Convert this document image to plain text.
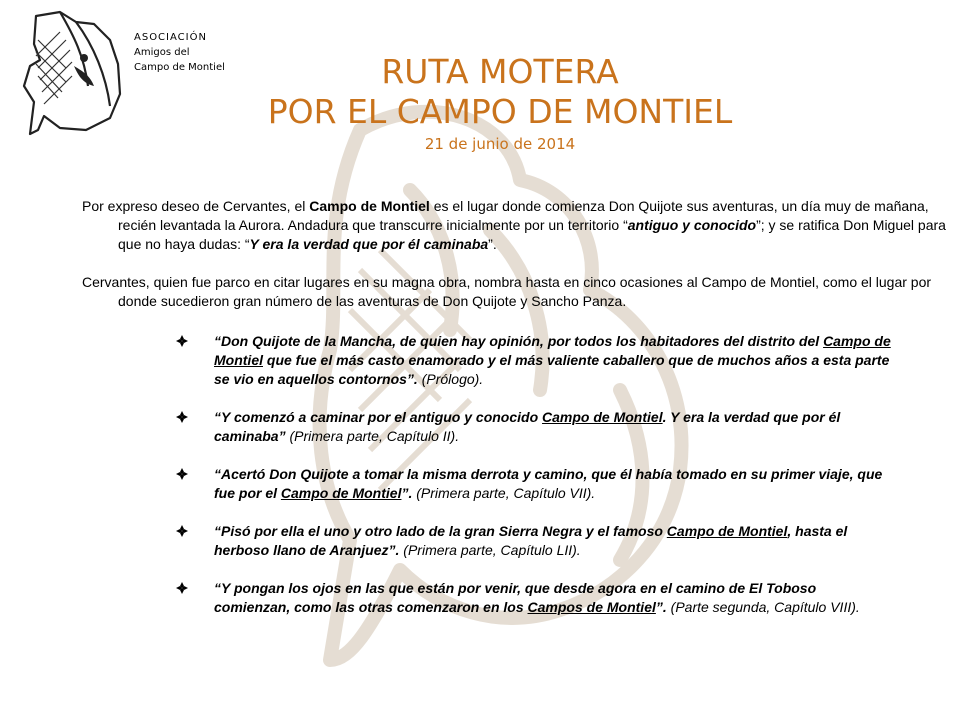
ASOCIACIÓN
Amigos del
Campo de Montiel	RUTA MOTERA
POR EL CAMPO DE MONTIEL
21 de junio de 2014
Por expreso deseo de Cervantes, el Campo de Montiel es el lugar donde comienza Don Quijote sus aventuras, un día muy de mañana, recién levantada la Aurora. Andadura que transcurre inicialmente por un territorio “antiguo y conocido”; y se ratifica Don Miguel para que no haya dudas: “Y era la verdad que por él caminaba”.
Cervantes, quien fue parco en citar lugares en su magna obra, nombra hasta en cinco ocasiones al Campo de Montiel, como el lugar por donde sucedieron gran número de las aventuras de Don Quijote y Sancho Panza.
“Don Quijote de la Mancha, de quien hay opinión, por todos los habitadores del distrito del Campo de Montiel que fue el más casto enamorado y el más valiente caballero que de muchos años a esta parte se vio en aquellos contornos”. (Prólogo).
“Y comenzó a caminar por el antiguo y conocido Campo de Montiel. Y era la verdad que por él caminaba” (Primera parte, Capítulo II).
“Acertó Don Quijote a tomar la misma derrota y camino, que él había tomado en su primer viaje, que fue por el Campo de Montiel”. (Primera parte, Capítulo VII).
“Pisó por ella el uno y otro lado de la gran Sierra Negra y el famoso Campo de Montiel, hasta el herboso llano de Aranjuez”. (Primera parte, Capítulo LII).
“Y pongan los ojos en las que están por venir, que desde agora en el camino de El Toboso comienzan, como las otras comenzaron en los Campos de Montiel”. (Parte segunda, Capítulo VIII).
